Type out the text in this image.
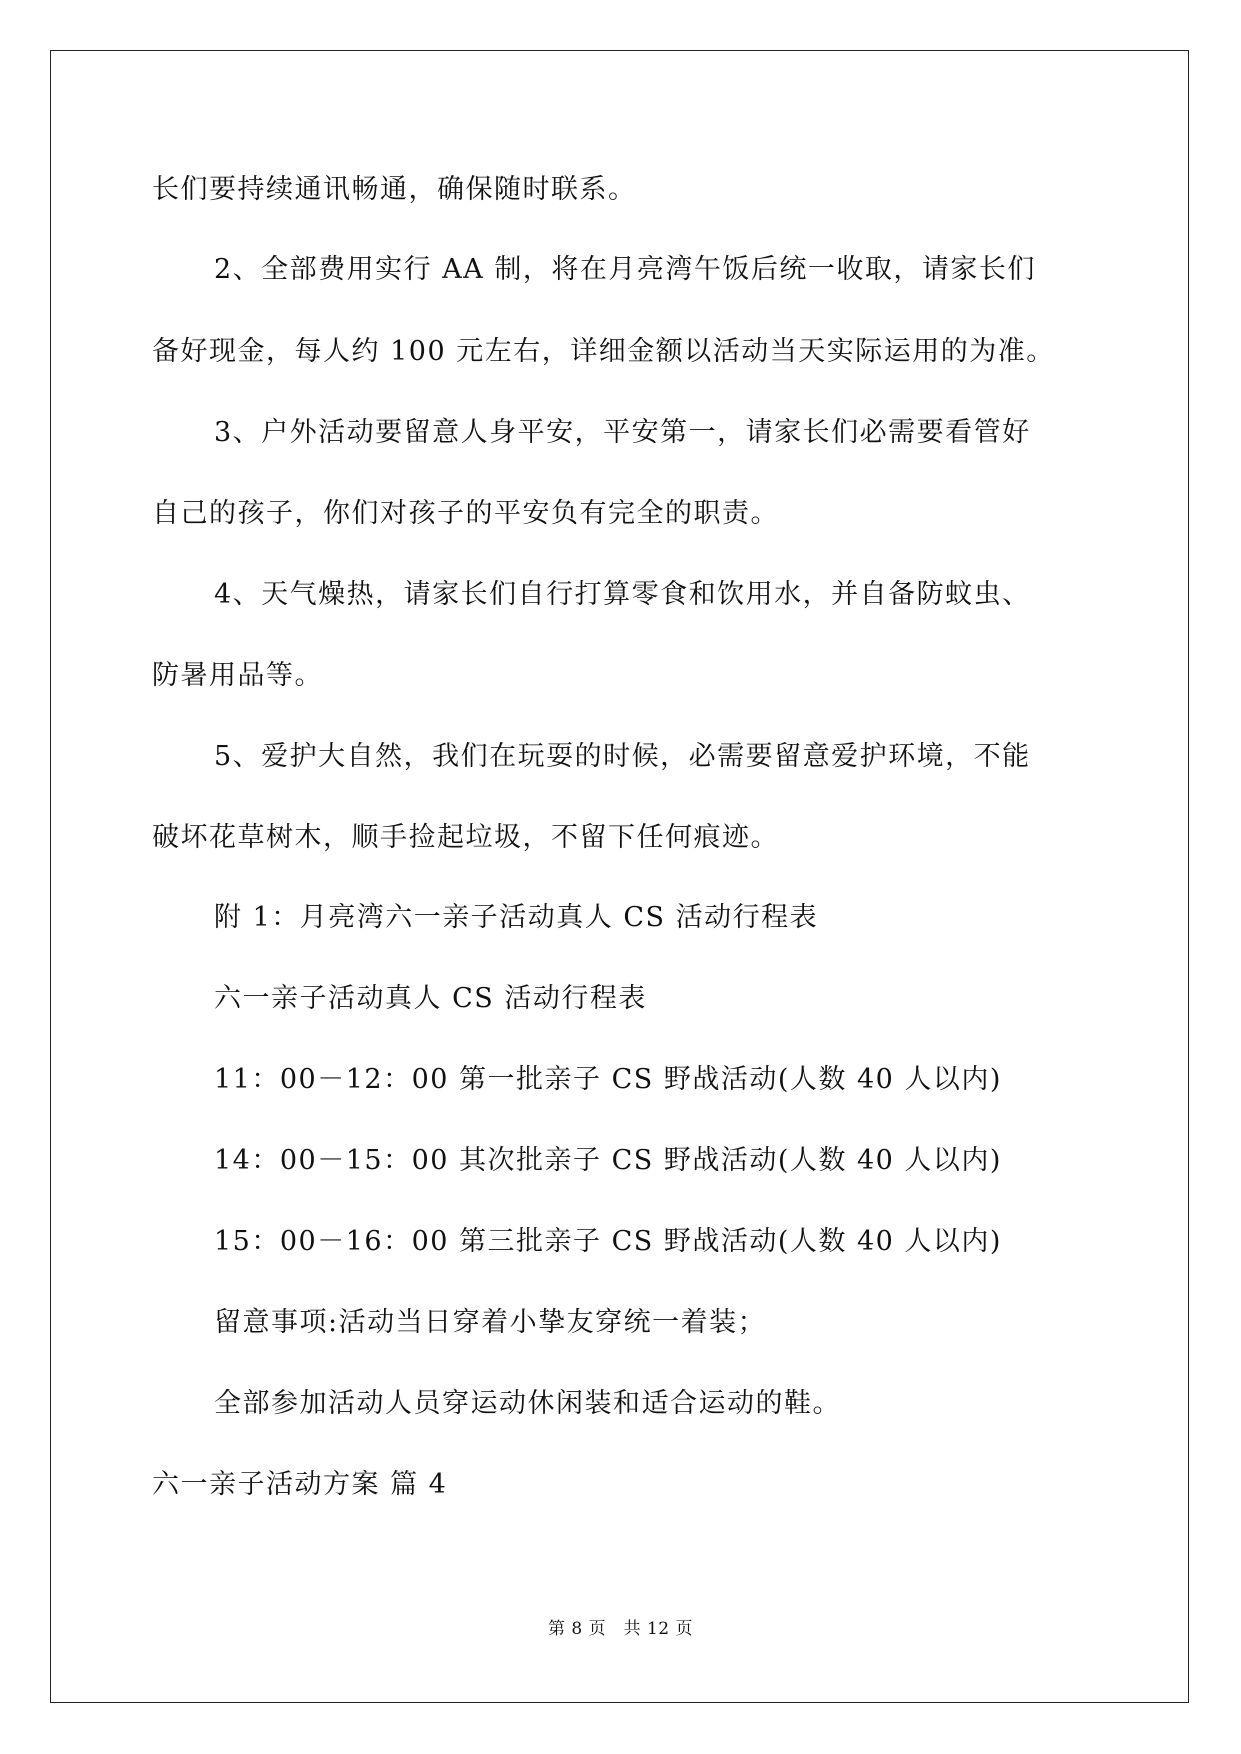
长们要持续通讯畅通，确保随时联系。
2、全部费用实行 AA 制，将在月亮湾午饭后统一收取，请家长们
备好现金，每人约 100 元左右，详细金额以活动当天实际运用的为准。
3、户外活动要留意人身平安，平安第一，请家长们必需要看管好
自己的孩子，你们对孩子的平安负有完全的职责。
4、天气燥热，请家长们自行打算零食和饮用水，并自备防蚊虫、
防暑用品等。
5、爱护大自然，我们在玩耍的时候，必需要留意爱护环境，不能
破坏花草树木，顺手捡起垃圾，不留下任何痕迹。
附 1：月亮湾六一亲子活动真人 CS 活动行程表
六一亲子活动真人 CS 活动行程表
11：00－12：00 第一批亲子 CS 野战活动(人数 40 人以内)
14：00－15：00 其次批亲子 CS 野战活动(人数 40 人以内)
15：00－16：00 第三批亲子 CS 野战活动(人数 40 人以内)
留意事项:活动当日穿着小挚友穿统一着装；
全部参加活动人员穿运动休闲装和适合运动的鞋。
六一亲子活动方案 篇 4
第 8 页　共 12 页
